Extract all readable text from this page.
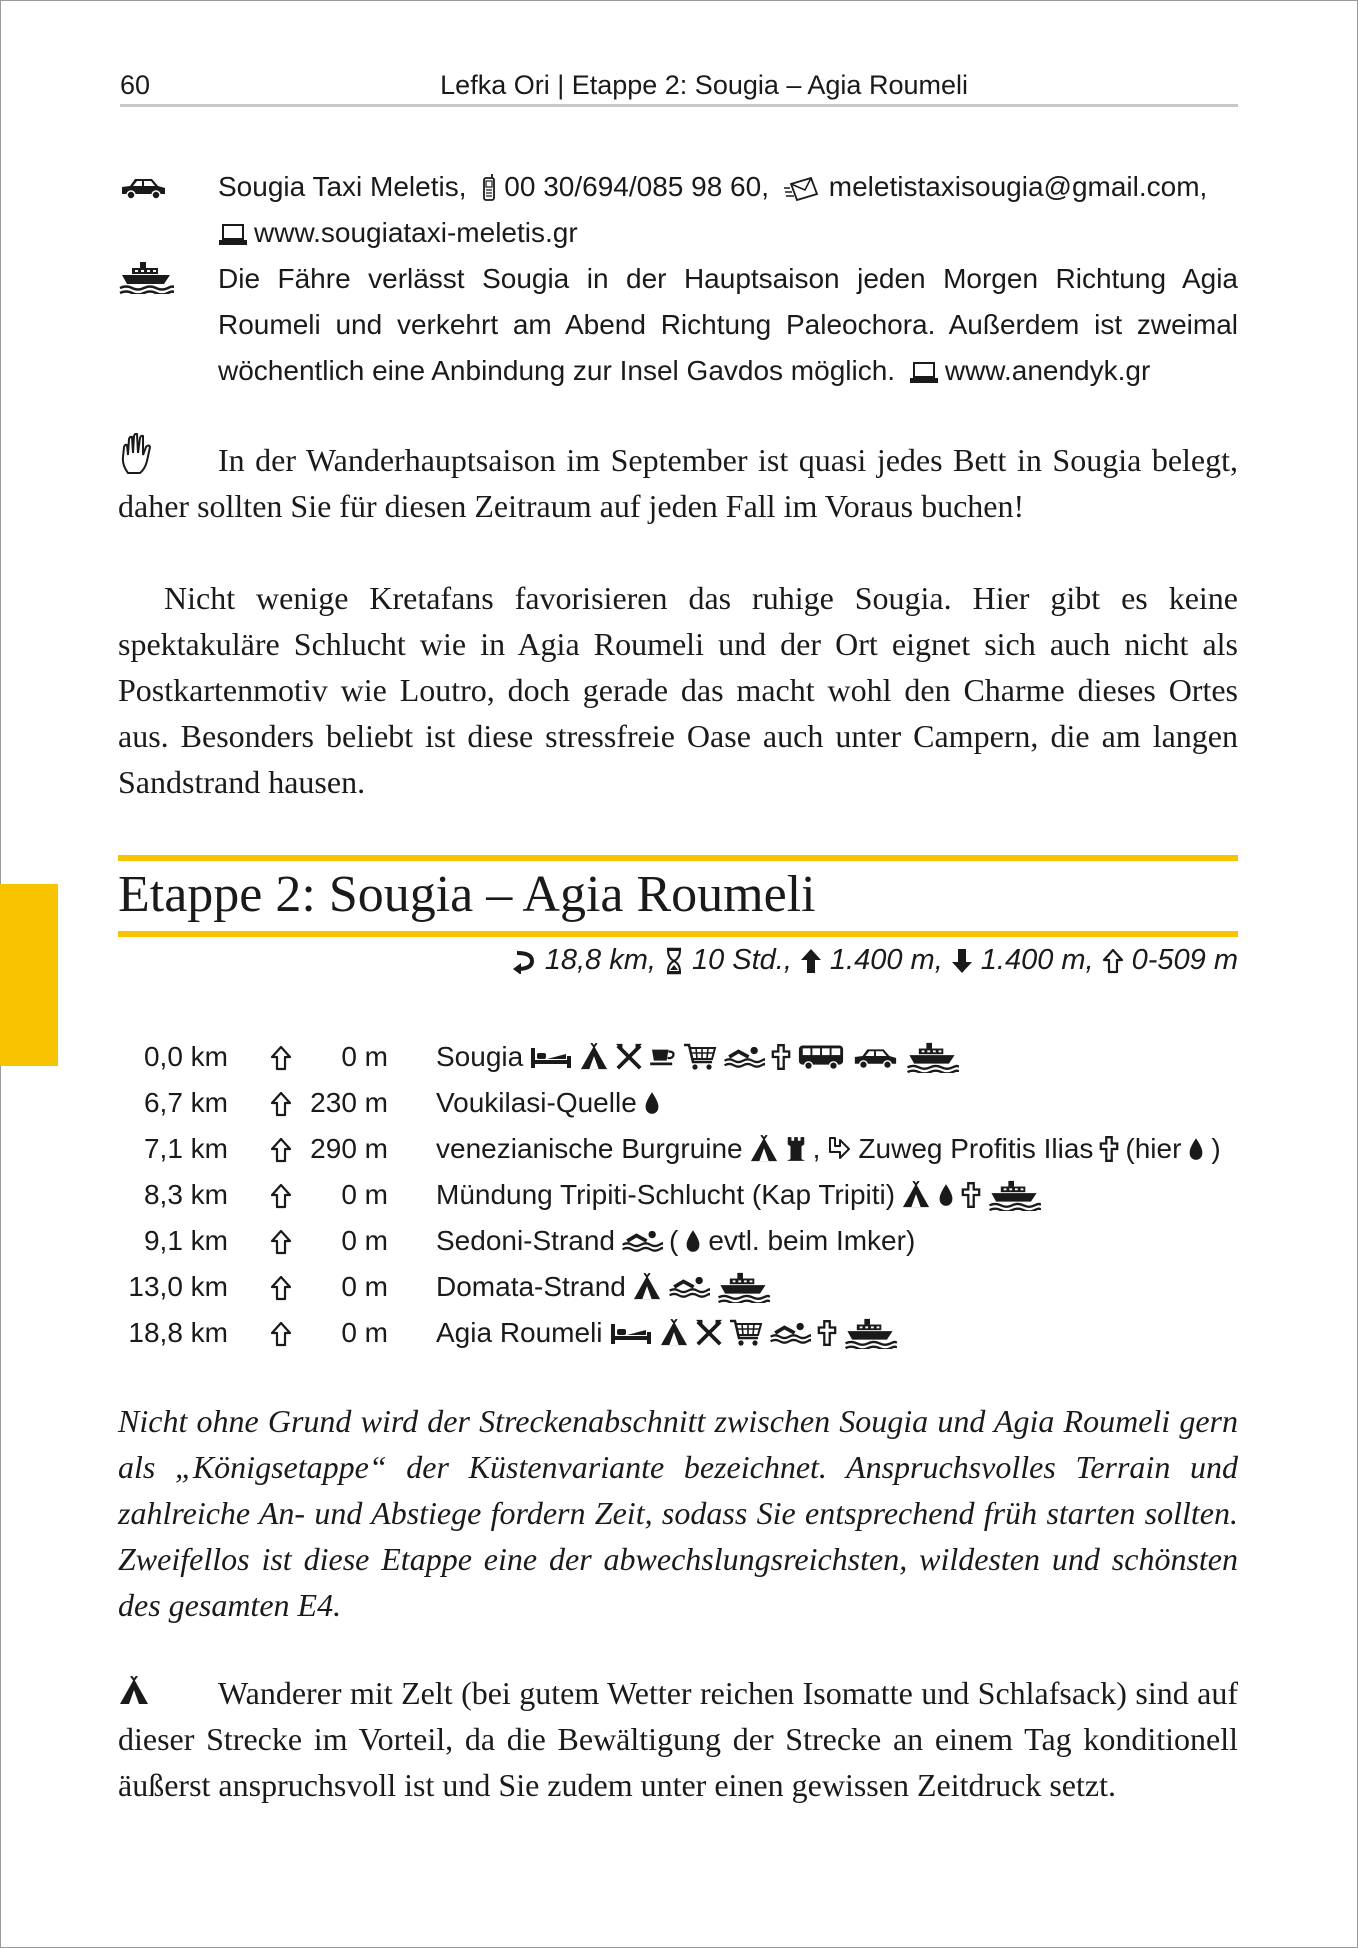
60	Lefka Ori | Etappe 2: Sougia – Agia Roumeli
Sougia Taxi Meletis, 00 30/694/085 98 60, meletistaxisougia@gmail.com,
www.sougiataxi-meletis.gr
Die Fähre verlässt Sougia in der Hauptsaison jeden Morgen Richtung Agia Roumeli und verkehrt am Abend Richtung Paleochora. Außerdem ist zweimal wöchentlich eine Anbindung zur Insel Gavdos möglich. www.anendyk.gr
In der Wanderhauptsaison im September ist quasi jedes Bett in Sougia belegt, daher sollten Sie für diesen Zeitraum auf jeden Fall im Voraus buchen!
Nicht wenige Kretafans favorisieren das ruhige Sougia. Hier gibt es keine spektakuläre Schlucht wie in Agia Roumeli und der Ort eignet sich auch nicht als Postkartenmotiv wie Loutro, doch gerade das macht wohl den Charme dieses Ortes aus. Besonders beliebt ist diese stressfreie Oase auch unter Campern, die am langen Sandstrand hausen.
Etappe 2: Sougia – Agia Roumeli
18,8 km, 10 Std., 1.400 m, 1.400 m, 0-509 m
0,0 km	0 m Sougia
6,7 km	230 m Voukilasi-Quelle
7,1 km	290 m venezianische Burgruine	, Zuweg Profitis Ilias (hier )
8,3 km	0 m Mündung Tripiti-Schlucht (Kap Tripiti)
9,1 km	0 m Sedoni-Strand ( evtl. beim Imker)
13,0 km	0 m Domata-Strand
18,8 km	0 m Agia Roumeli
Nicht ohne Grund wird der Streckenabschnitt zwischen Sougia und Agia Roumeli gern als „Königsetappe“ der Küstenvariante bezeichnet. Anspruchsvolles Terrain und zahlreiche An- und Abstiege fordern Zeit, sodass Sie entsprechend früh starten sollten. Zweifellos ist diese Etappe eine der abwechslungsreichsten, wildesten und schönsten des gesamten E4.
Wanderer mit Zelt (bei gutem Wetter reichen Isomatte und Schlafsack) sind auf dieser Strecke im Vorteil, da die Bewältigung der Strecke an einem Tag konditionell äußerst anspruchsvoll ist und Sie zudem unter einen gewissen Zeitdruck setzt.
